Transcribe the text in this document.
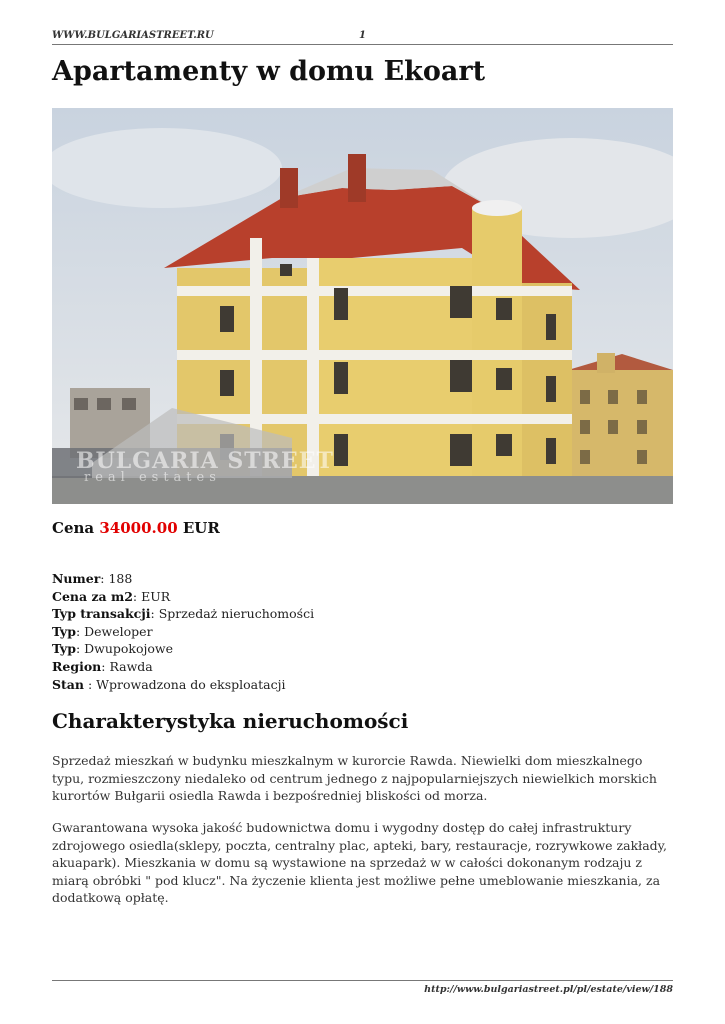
WWW.BULGARIASTREET.RU	1
Apartamenty w domu Ekoart
BULGARIA STREET
real estates
Cena 34000.00 EUR
Numer: 188
Cena za m2: EUR
Typ transakcji: Sprzedaż nieruchomości
Typ: Deweloper
Typ: Dwupokojowe
Region: Rawda
Stan : Wprowadzona do eksploatacji
Charakterystyka nieruchomości

Sprzedaż mieszkań w budynku mieszkalnym w kurorcie Rawda. Niewielki dom mieszkalnego typu, rozmieszczony niedaleko od centrum jednego z najpopularniejszych niewielkich morskich kurortów Bułgarii osiedla Rawda i bezpośredniej bliskości od morza.

Gwarantowana wysoka jakość budownictwa domu i wygodny dostęp do całej infrastruktury zdrojowego osiedla(sklepy, poczta, centralny plac, apteki, bary, restauracje, rozrywkowe zakłady, akuapark). Mieszkania w domu są wystawione na sprzedaż w w całości dokonanym rodzaju z miarą obróbki " pod klucz". Na życzenie klienta jest możliwe pełne umeblowanie mieszkania, za dodatkową opłatę.

http://www.bulgariastreet.pl/pl/estate/view/188
